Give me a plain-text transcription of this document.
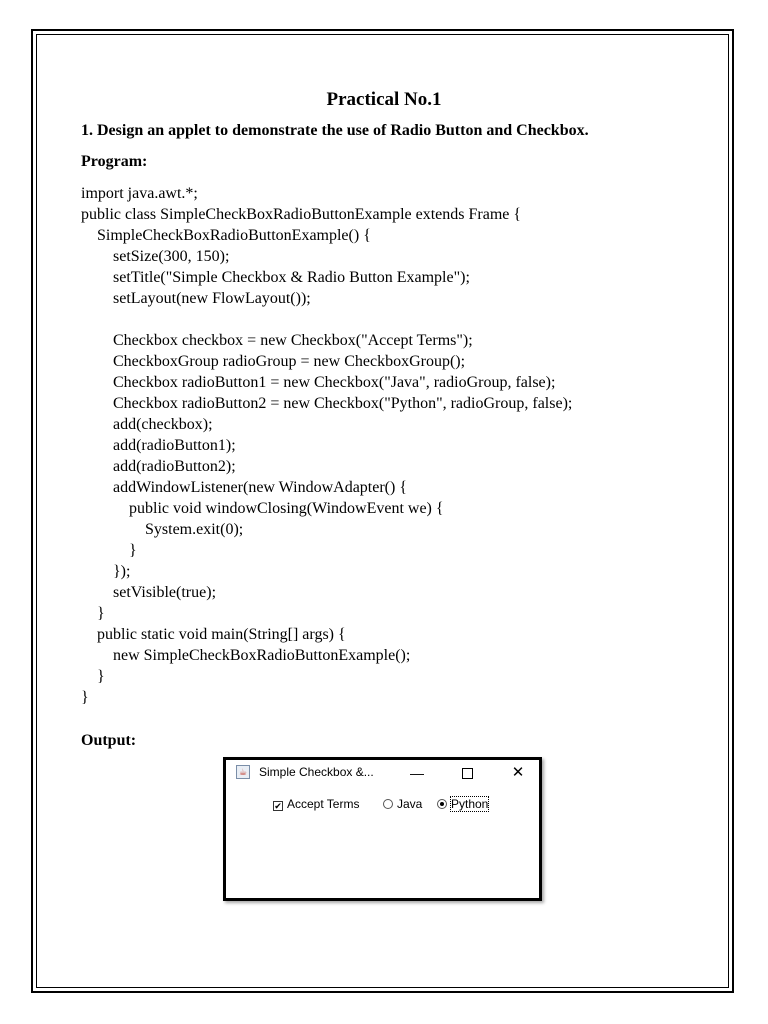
Practical No.1
1. Design an applet to demonstrate the use of Radio Button and Checkbox.
Program:
import java.awt.*;
public class SimpleCheckBoxRadioButtonExample extends Frame {
SimpleCheckBoxRadioButtonExample() {
setSize(300, 150);
setTitle("Simple Checkbox & Radio Button Example");
setLayout(new FlowLayout());
Checkbox checkbox = new Checkbox("Accept Terms");
CheckboxGroup radioGroup = new CheckboxGroup();
Checkbox radioButton1 = new Checkbox("Java", radioGroup, false);
Checkbox radioButton2 = new Checkbox("Python", radioGroup, false);
add(checkbox);
add(radioButton1);
add(radioButton2);
addWindowListener(new WindowAdapter() {
public void windowClosing(WindowEvent we) {
System.exit(0);
}
});
setVisible(true);
}
public static void main(String[] args) {
new SimpleCheckBoxRadioButtonExample();
}
}
Output:
☕ Simple Checkbox &...	—	✕
✔ Accept Terms	Java	Python
